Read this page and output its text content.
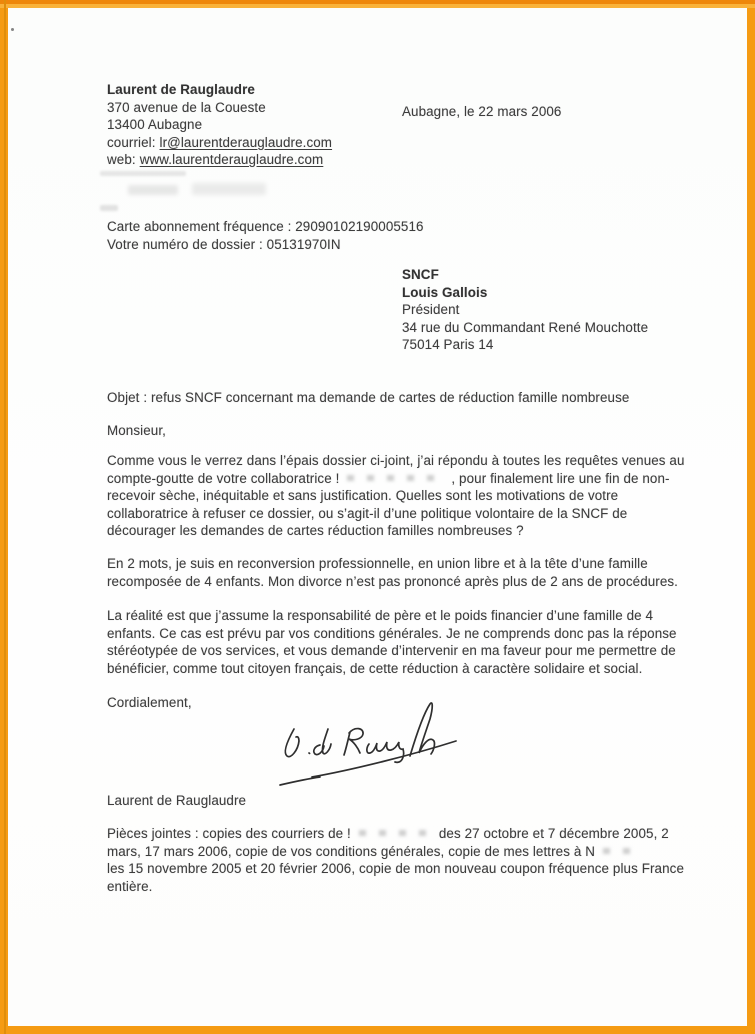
Laurent de Rauglaudre
370 avenue de la Coueste
13400 Aubagne
courriel: lr@laurentderauglaudre.com
web: www.laurentderauglaudre.com
Aubagne, le 22 mars 2006
Carte abonnement fréquence : 29090102190005516
Votre numéro de dossier : 05131970IN
SNCF
Louis Gallois
Président
34 rue du Commandant René Mouchotte
75014 Paris 14
Objet : refus SNCF concernant ma demande de cartes de réduction famille nombreuse
Monsieur,
Comme vous le verrez dans l’épais dossier ci-joint, j’ai répondu à toutes les requêtes venues au
compte-goutte de votre collaboratrice !	, pour finalement lire une fin de non-
recevoir sèche, inéquitable et sans justification. Quelles sont les motivations de votre
collaboratrice à refuser ce dossier, ou s’agit-il d’une politique volontaire de la SNCF de
décourager les demandes de cartes réduction familles nombreuses ?
En 2 mots, je suis en reconversion professionnelle, en union libre et à la tête d’une famille
recomposée de 4 enfants. Mon divorce n’est pas prononcé après plus de 2 ans de procédures.
La réalité est que j’assume la responsabilité de père et le poids financier d’une famille de 4
enfants. Ce cas est prévu par vos conditions générales. Je ne comprends donc pas la réponse
stéréotypée de vos services, et vous demande d’intervenir en ma faveur pour me permettre de
bénéficier, comme tout citoyen français, de cette réduction à caractère solidaire et social.
Cordialement,
Laurent de Rauglaudre
Pièces jointes : copies des courriers de !	des 27 octobre et 7 décembre 2005, 2
mars, 17 mars 2006, copie de vos conditions générales, copie de mes lettres à N
les 15 novembre 2005 et 20 février 2006, copie de mon nouveau coupon fréquence plus France
entière.
